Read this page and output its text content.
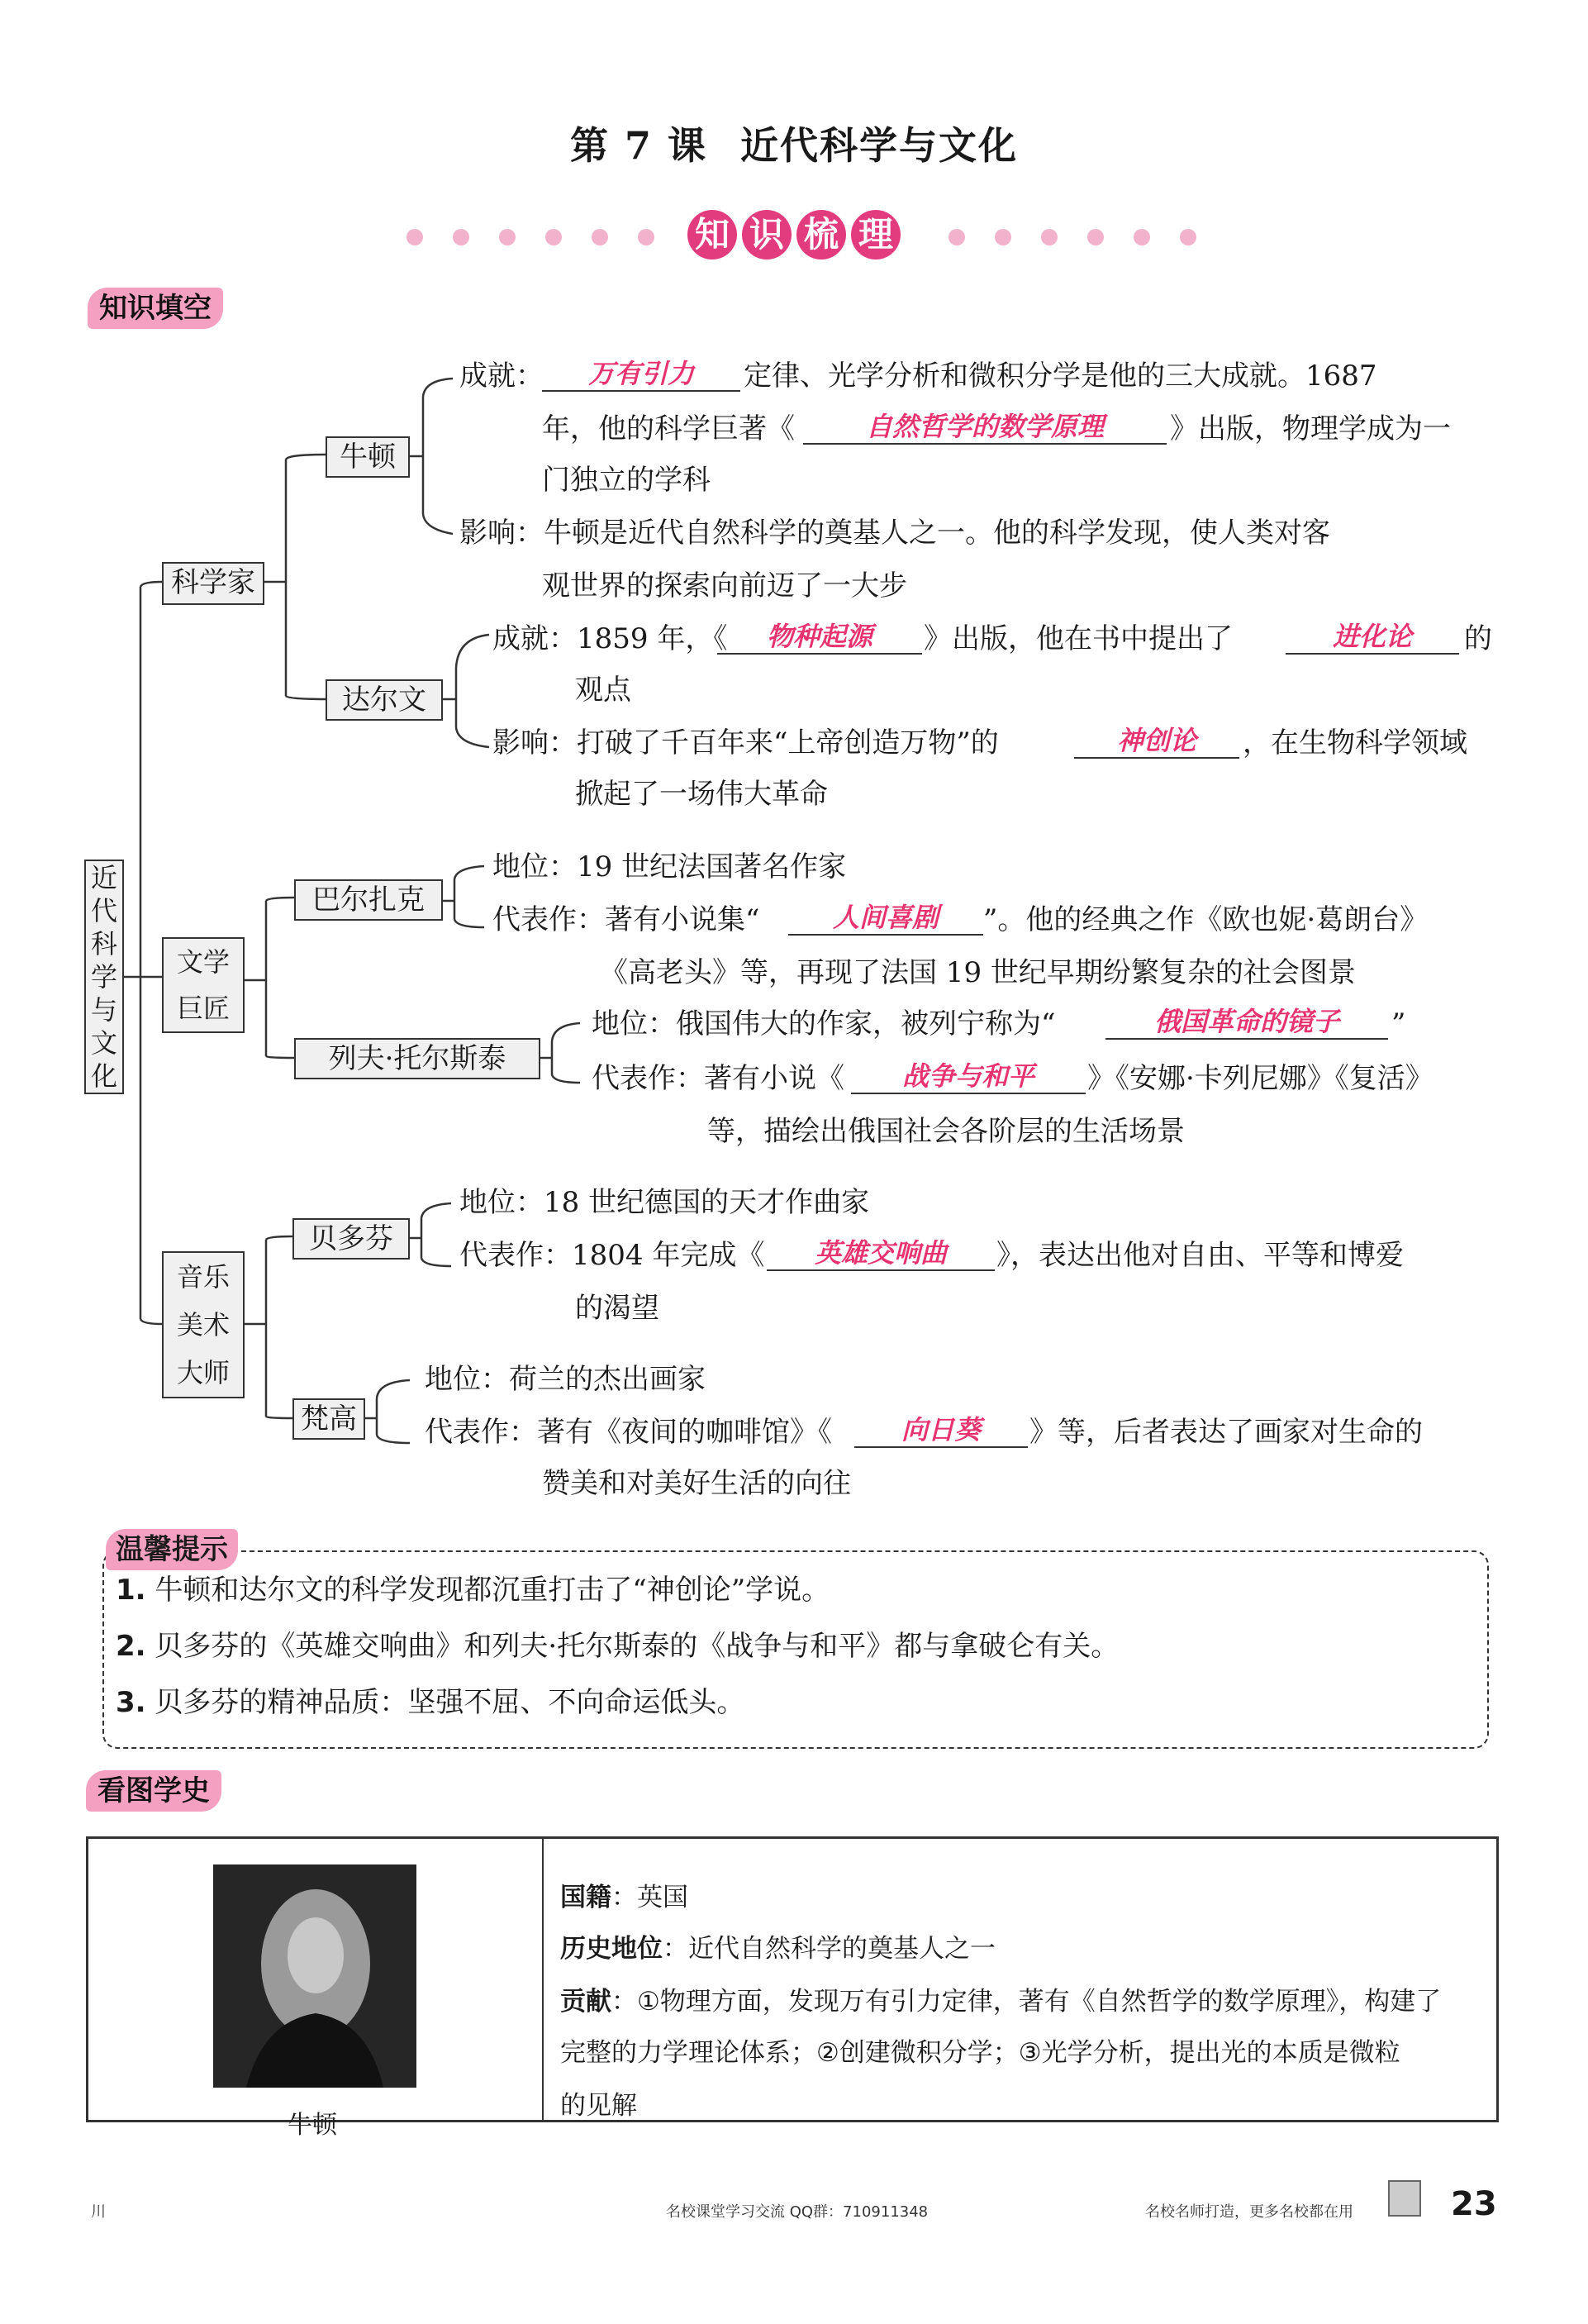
第 7 课 近代科学与文化
知 识 梳 理
知识填空
近
代
科
学
与
文
化
科学家
文学
巨匠
音乐
美术
大师
牛顿
达尔文
巴尔扎克
列夫·托尔斯泰
贝多芬
梵高
成就：	万有引力	定律、光学分析和微积分学是他的三大成就。1687
年，他的科学巨著《	自然哲学的数学原理	》出版，物理学成为一
门独立的学科
影响：牛顿是近代自然科学的奠基人之一。他的科学发现，使人类对客
观世界的探索向前迈了一大步
成就：1859 年，《	物种起源	》出版，他在书中提出了	进化论	的
观点
影响：打破了千百年来“上帝创造万物”的	神创论	，在生物科学领域
掀起了一场伟大革命
地位：19 世纪法国著名作家
代表作：著有小说集“	人间喜剧	”。他的经典之作《欧也妮·葛朗台》
《高老头》等，再现了法国 19 世纪早期纷繁复杂的社会图景
地位：俄国伟大的作家，被列宁称为“	俄国革命的镜子	”
代表作：著有小说《	战争与和平	》《安娜·卡列尼娜》《复活》
等，描绘出俄国社会各阶层的生活场景
地位：18 世纪德国的天才作曲家
代表作：1804 年完成《	英雄交响曲	》，表达出他对自由、平等和博爱
的渴望
地位：荷兰的杰出画家
代表作：著有《夜间的咖啡馆》《	向日葵	》等，后者表达了画家对生命的
赞美和对美好生活的向往
温馨提示
1. 牛顿和达尔文的科学发现都沉重打击了“神创论”学说。
2. 贝多芬的《英雄交响曲》和列夫·托尔斯泰的《战争与和平》都与拿破仑有关。
3. 贝多芬的精神品质：坚强不屈、不向命运低头。
看图学史
牛顿
国籍：英国
历史地位：近代自然科学的奠基人之一
贡献：①物理方面，发现万有引力定律，著有《自然哲学的数学原理》，构建了
完整的力学理论体系；②创建微积分学；③光学分析，提出光的本质是微粒
的见解
川	名校课堂学习交流 QQ群：710911348	名校名师打造，更多名校都在用	23
